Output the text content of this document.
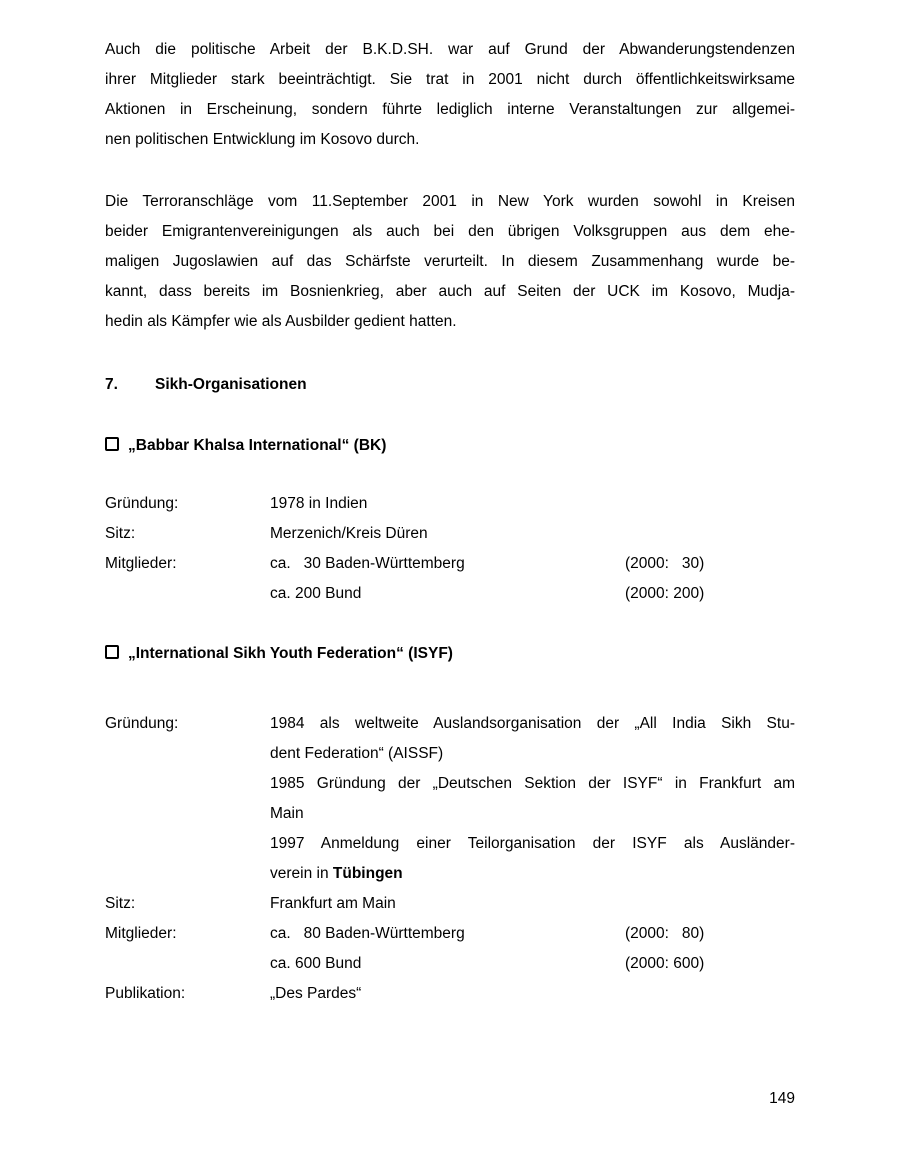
Auch die politische Arbeit der B.K.D.SH. war auf Grund der Abwanderungstendenzen
ihrer Mitglieder stark beeinträchtigt. Sie trat in 2001 nicht durch öffentlichkeitswirksame
Aktionen in Erscheinung, sondern führte lediglich interne Veranstaltungen zur allgemei-
nen politischen Entwicklung im Kosovo durch.
Die Terroranschläge vom 11.September 2001 in New York wurden sowohl in Kreisen
beider Emigrantenvereinigungen als auch bei den übrigen Volksgruppen aus dem ehe-
maligen Jugoslawien auf das Schärfste verurteilt. In diesem Zusammenhang wurde be-
kannt, dass bereits im Bosnienkrieg, aber auch auf Seiten der UCK im Kosovo, Mudja-
hedin als Kämpfer wie als Ausbilder gedient hatten.
7.	Sikh-Organisationen
„Babbar Khalsa International“ (BK)
Gründung:	1978 in Indien
Sitz:	Merzenich/Kreis Düren
Mitglieder:	ca.   30 Baden-Württemberg	(2000:   30)
ca. 200 Bund	(2000: 200)
„International Sikh Youth Federation“ (ISYF)
Gründung:	1984 als weltweite Auslandsorganisation der „All India Sikh Stu-
dent Federation“ (AISSF)
1985 Gründung der „Deutschen Sektion der ISYF“ in Frankfurt am
Main
1997 Anmeldung einer Teilorganisation der ISYF als Ausländer-
verein in Tübingen
Sitz:	Frankfurt am Main
Mitglieder:	ca.   80 Baden-Württemberg	(2000:   80)
ca. 600 Bund	(2000: 600)
Publikation:	„Des Pardes“
149
